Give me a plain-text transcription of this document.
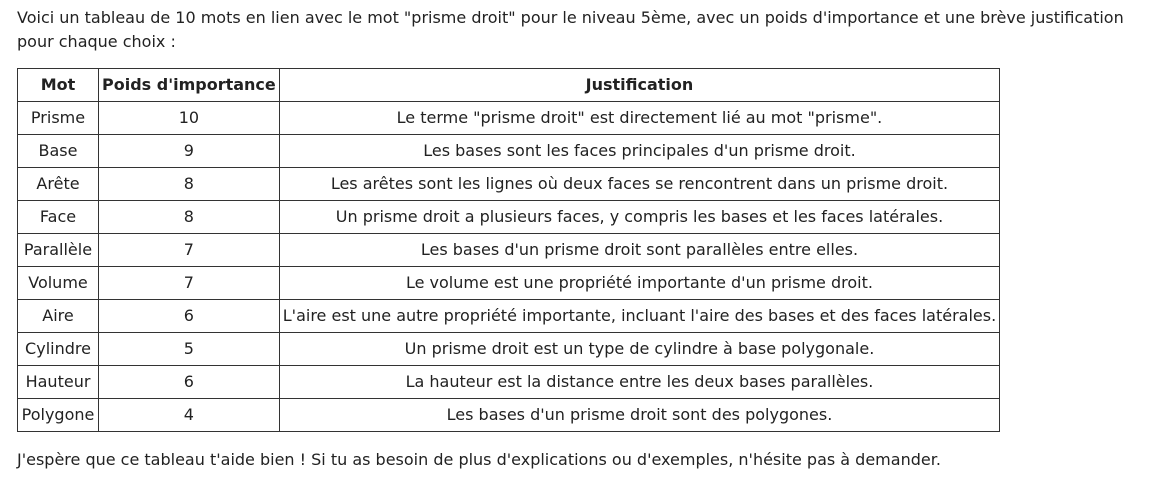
Voici un tableau de 10 mots en lien avec le mot "prisme droit" pour le niveau 5ème, avec un poids d'importance et une brève justification pour chaque choix :

Mot	Poids d'importance	Justification
Prisme	10	Le terme "prisme droit" est directement lié au mot "prisme".
Base	9	Les bases sont les faces principales d'un prisme droit.
Arête	8	Les arêtes sont les lignes où deux faces se rencontrent dans un prisme droit.
Face	8	Un prisme droit a plusieurs faces, y compris les bases et les faces latérales.
Parallèle	7	Les bases d'un prisme droit sont parallèles entre elles.
Volume	7	Le volume est une propriété importante d'un prisme droit.
Aire	6	L'aire est une autre propriété importante, incluant l'aire des bases et des faces latérales.
Cylindre	5	Un prisme droit est un type de cylindre à base polygonale.
Hauteur	6	La hauteur est la distance entre les deux bases parallèles.
Polygone	4	Les bases d'un prisme droit sont des polygones.

J'espère que ce tableau t'aide bien ! Si tu as besoin de plus d'explications ou d'exemples, n'hésite pas à demander.
